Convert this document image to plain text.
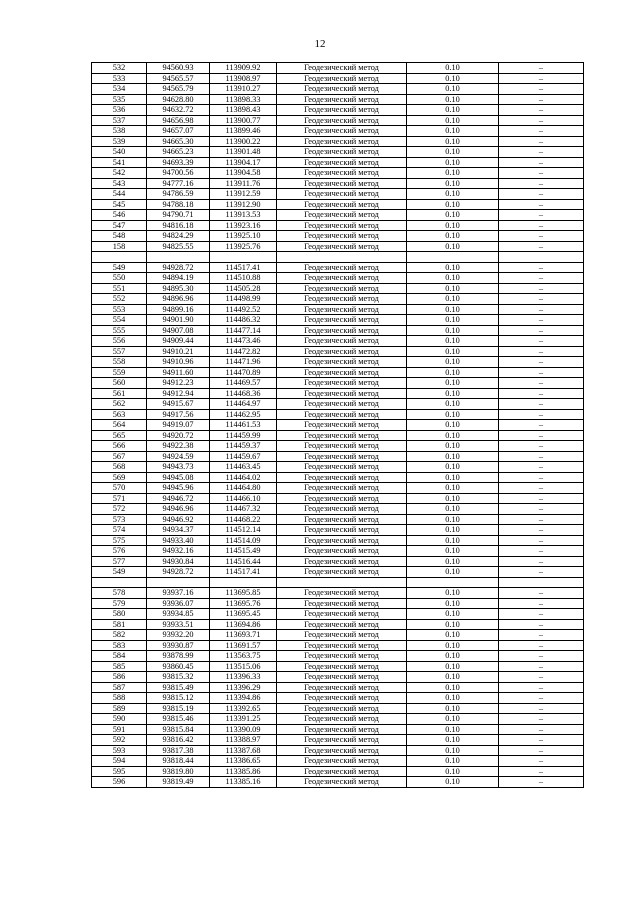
12
532	94560.93	113909.92	Геодезический метод	0.10	–
533	94565.57	113908.97	Геодезический метод	0.10	–
534	94565.79	113910.27	Геодезический метод	0.10	–
535	94628.80	113898.33	Геодезический метод	0.10	–
536	94632.72	113898.43	Геодезический метод	0.10	–
537	94656.98	113900.77	Геодезический метод	0.10	–
538	94657.07	113899.46	Геодезический метод	0.10	–
539	94665.30	113900.22	Геодезический метод	0.10	–
540	94665.23	113901.48	Геодезический метод	0.10	–
541	94693.39	113904.17	Геодезический метод	0.10	–
542	94700.56	113904.58	Геодезический метод	0.10	–
543	94777.16	113911.76	Геодезический метод	0.10	–
544	94786.59	113912.59	Геодезический метод	0.10	–
545	94788.18	113912.90	Геодезический метод	0.10	–
546	94790.71	113913.53	Геодезический метод	0.10	–
547	94816.18	113923.16	Геодезический метод	0.10	–
548	94824.29	113925.10	Геодезический метод	0.10	–
158	94825.55	113925.76	Геодезический метод	0.10	–

549	94928.72	114517.41	Геодезический метод	0.10	–
550	94894.19	114510.88	Геодезический метод	0.10	–
551	94895.30	114505.28	Геодезический метод	0.10	–
552	94896.96	114498.99	Геодезический метод	0.10	–
553	94899.16	114492.52	Геодезический метод	0.10	–
554	94901.90	114486.32	Геодезический метод	0.10	–
555	94907.08	114477.14	Геодезический метод	0.10	–
556	94909.44	114473.46	Геодезический метод	0.10	–
557	94910.21	114472.82	Геодезический метод	0.10	–
558	94910.96	114471.96	Геодезический метод	0.10	–
559	94911.60	114470.89	Геодезический метод	0.10	–
560	94912.23	114469.57	Геодезический метод	0.10	–
561	94912.94	114468.36	Геодезический метод	0.10	–
562	94915.67	114464.97	Геодезический метод	0.10	–
563	94917.56	114462.95	Геодезический метод	0.10	–
564	94919.07	114461.53	Геодезический метод	0.10	–
565	94920.72	114459.99	Геодезический метод	0.10	–
566	94922.38	114459.37	Геодезический метод	0.10	–
567	94924.59	114459.67	Геодезический метод	0.10	–
568	94943.73	114463.45	Геодезический метод	0.10	–
569	94945.08	114464.02	Геодезический метод	0.10	–
570	94945.96	114464.80	Геодезический метод	0.10	–
571	94946.72	114466.10	Геодезический метод	0.10	–
572	94946.96	114467.32	Геодезический метод	0.10	–
573	94946.92	114468.22	Геодезический метод	0.10	–
574	94934.37	114512.14	Геодезический метод	0.10	–
575	94933.40	114514.09	Геодезический метод	0.10	–
576	94932.16	114515.49	Геодезический метод	0.10	–
577	94930.84	114516.44	Геодезический метод	0.10	–
549	94928.72	114517.41	Геодезический метод	0.10	–

578	93937.16	113695.85	Геодезический метод	0.10	–
579	93936.07	113695.76	Геодезический метод	0.10	–
580	93934.85	113695.45	Геодезический метод	0.10	–
581	93933.51	113694.86	Геодезический метод	0.10	–
582	93932.20	113693.71	Геодезический метод	0.10	–
583	93930.87	113691.57	Геодезический метод	0.10	–
584	93878.99	113563.75	Геодезический метод	0.10	–
585	93860.45	113515.06	Геодезический метод	0.10	–
586	93815.32	113396.33	Геодезический метод	0.10	–
587	93815.49	113396.29	Геодезический метод	0.10	–
588	93815.12	113394.86	Геодезический метод	0.10	–
589	93815.19	113392.65	Геодезический метод	0.10	–
590	93815.46	113391.25	Геодезический метод	0.10	–
591	93815.84	113390.09	Геодезический метод	0.10	–
592	93816.42	113388.97	Геодезический метод	0.10	–
593	93817.38	113387.68	Геодезический метод	0.10	–
594	93818.44	113386.65	Геодезический метод	0.10	–
595	93819.80	113385.86	Геодезический метод	0.10	–
596	93819.49	113385.16	Геодезический метод	0.10	–
